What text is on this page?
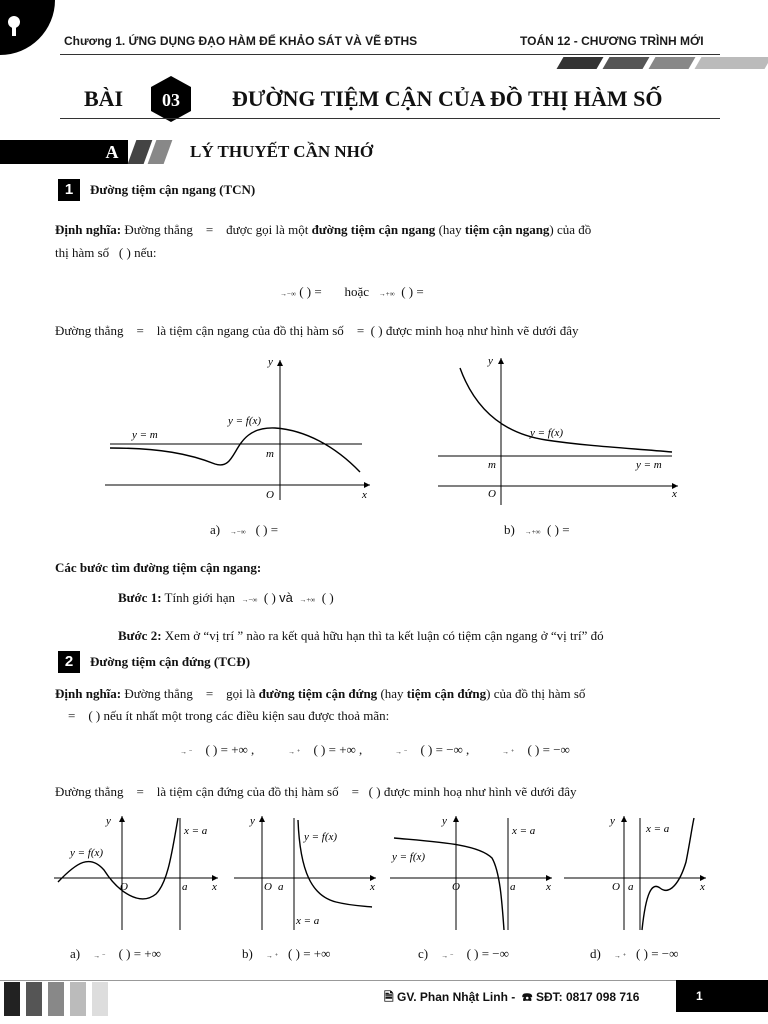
Chương 1. ỨNG DỤNG ĐẠO HÀM ĐỂ KHẢO SÁT VÀ VẼ ĐTHS	TOÁN 12 - CHƯƠNG TRÌNH MỚI
BÀI 03 ĐƯỜNG TIỆM CẬN CỦA ĐỒ THỊ HÀM SỐ
A	LÝ THUYẾT CẦN NHỚ
1	Đường tiệm cận ngang (TCN)
Định nghĩa: Đường thẳng = được gọi là một đường tiệm cận ngang (hay tiệm cận ngang) của đồ
thị hàm số ( ) nếu:
→−∞ ( ) = hoặc →+∞ ( ) =
Đường thẳng = là tiệm cận ngang của đồ thị hàm số = ( ) được minh hoạ như hình vẽ dưới đây
y
x
O
m
y = m
y = f(x)
y
x
O
m	y = m
y = f(x)
a) →−∞ ( ) =	b) →+∞ ( ) =
Các bước tìm đường tiệm cận ngang:
Bước 1: Tính giới hạn →−∞ ( ) và →+∞ ( )
Bước 2: Xem ở “vị trí ” nào ra kết quả hữu hạn thì ta kết luận có tiệm cận ngang ở “vị trí” đó
2	Đường tiệm cận đứng (TCĐ)
Định nghĩa: Đường thẳng = gọi là đường tiệm cận đứng (hay tiệm cận đứng) của đồ thị hàm số
= ( ) nếu ít nhất một trong các điều kiện sau được thoả mãn:
→ ⁻ ( ) = +∞ ,	→ ⁺ ( ) = +∞ ,	→ ⁻ ( ) = −∞ ,	→ ⁺ ( ) = −∞
Đường thẳng = là tiệm cận đứng của đồ thị hàm số = ( ) được minh hoạ như hình vẽ dưới đây
y
x
O	a
x = a
y = f(x)
y
x
O a
x = a
y = f(x)
y
x
O	a
x = a
y = f(x)
y
x
O a
x = a
a) → ⁻ ( ) = +∞	b) → ⁺ ( ) = +∞	c) → ⁻ ( ) = −∞	d) → ⁺ ( ) = −∞
🗎 GV. Phan Nhật Linh - ☎ SĐT: 0817 098 716	1
